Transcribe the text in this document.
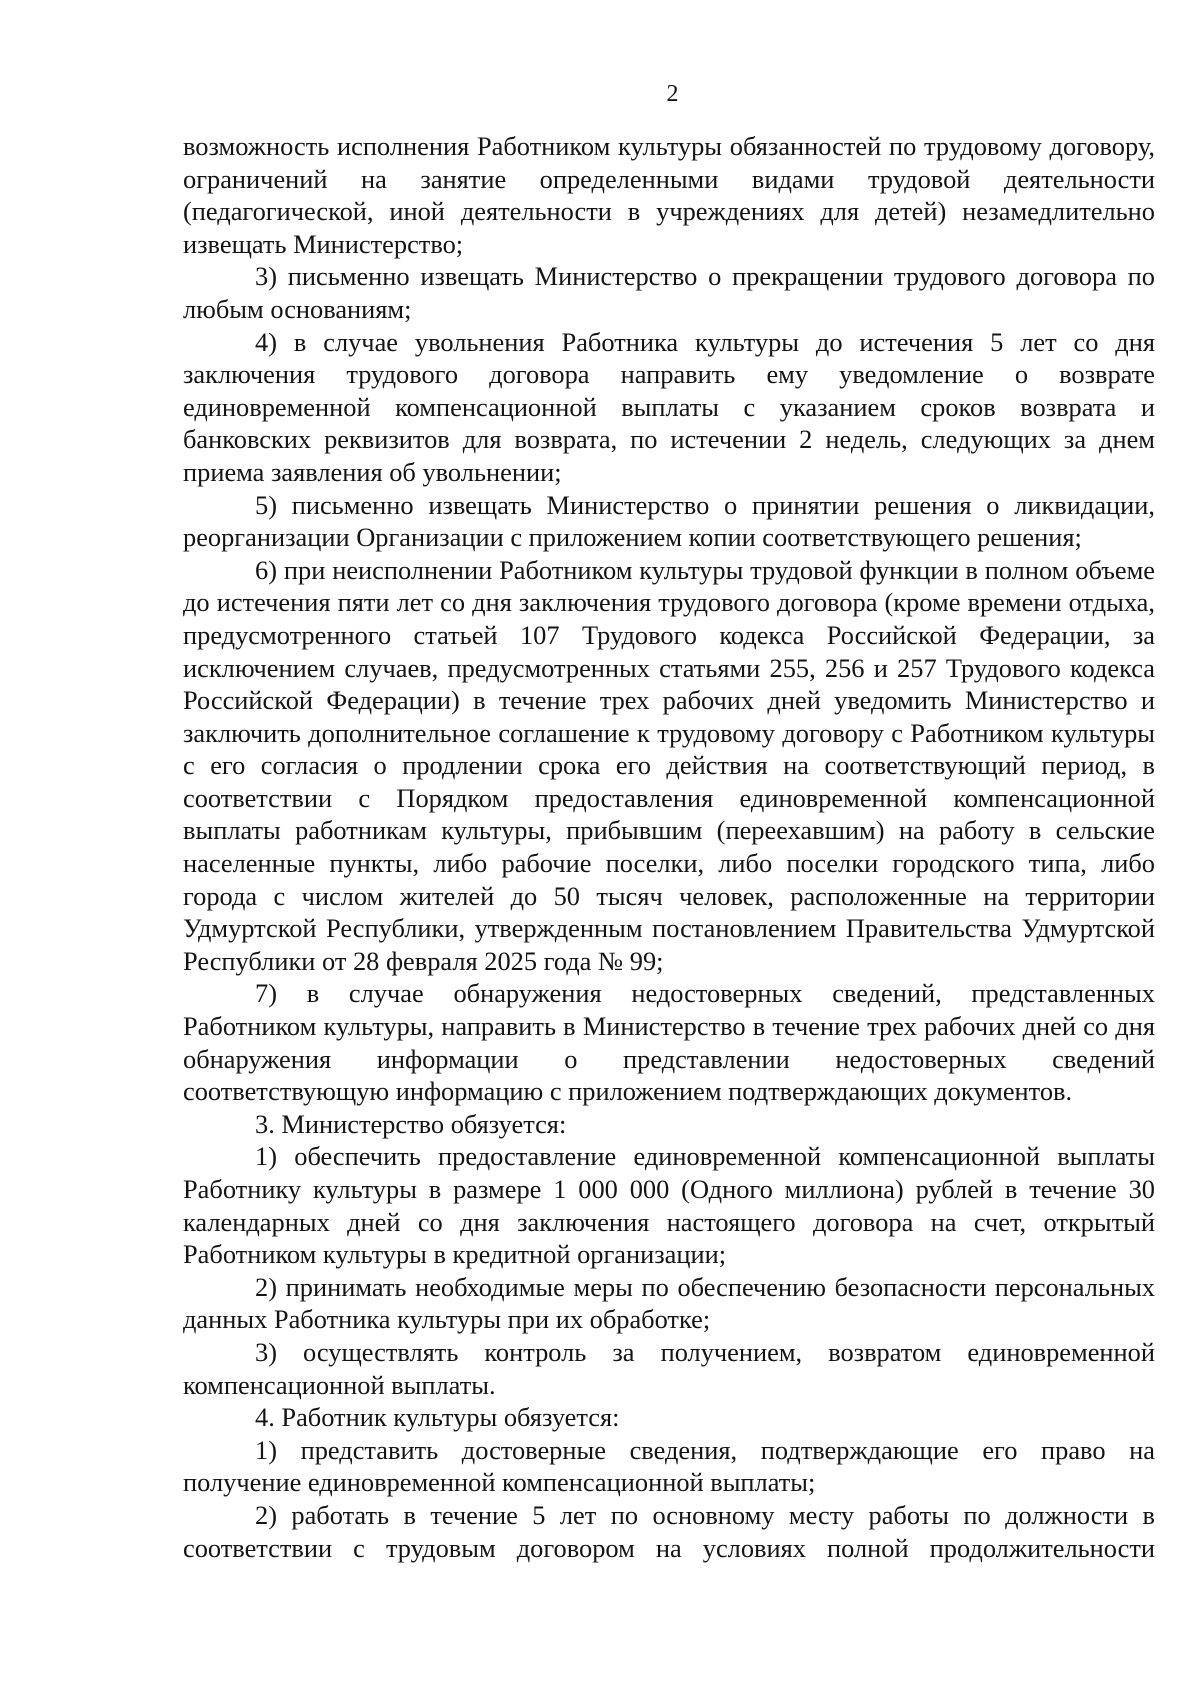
2

возможность исполнения Работником культуры обязанностей по трудовому договору, ограничений на занятие определенными видами трудовой деятельности (педагогической, иной деятельности в учреждениях для детей) незамедлительно извещать Министерство;

3) письменно извещать Министерство о прекращении трудового договора по любым основаниям;

4) в случае увольнения Работника культуры до истечения 5 лет со дня заключения трудового договора направить ему уведомление о возврате единовременной компенсационной выплаты с указанием сроков возврата и банковских реквизитов для возврата, по истечении 2 недель, следующих за днем приема заявления об увольнении;

5) письменно извещать Министерство о принятии решения о ликвидации, реорганизации Организации с приложением копии соответствующего решения;

6) при неисполнении Работником культуры трудовой функции в полном объеме до истечения пяти лет со дня заключения трудового договора (кроме времени отдыха, предусмотренного статьей 107 Трудового кодекса Российской Федерации, за исключением случаев, предусмотренных статьями 255, 256 и 257 Трудового кодекса Российской Федерации) в течение трех рабочих дней уведомить Министерство и заключить дополнительное соглашение к трудовому договору с Работником культуры с его согласия о продлении срока его действия на соответствующий период, в соответствии с Порядком предоставления единовременной компенсационной выплаты работникам культуры, прибывшим (переехавшим) на работу в сельские населенные пункты, либо рабочие поселки, либо поселки городского типа, либо города с числом жителей до 50 тысяч человек, расположенные на территории Удмуртской Республики, утвержденным постановлением Правительства Удмуртской Республики от 28 февраля 2025 года № 99;

7) в случае обнаружения недостоверных сведений, представленных Работником культуры, направить в Министерство в течение трех рабочих дней со дня обнаружения информации о представлении недостоверных сведений соответствующую информацию с приложением подтверждающих документов.

3. Министерство обязуется:

1) обеспечить предоставление единовременной компенсационной выплаты Работнику культуры в размере 1 000 000 (Одного миллиона) рублей в течение 30 календарных дней со дня заключения настоящего договора на счет, открытый Работником культуры в кредитной организации;

2) принимать необходимые меры по обеспечению безопасности персональных данных Работника культуры при их обработке;

3) осуществлять контроль за получением, возвратом единовременной компенсационной выплаты.

4. Работник культуры обязуется:

1) представить достоверные сведения, подтверждающие его право на получение единовременной компенсационной выплаты;

2) работать в течение 5 лет по основному месту работы по должности в соответствии с трудовым договором на условиях полной продолжительности
